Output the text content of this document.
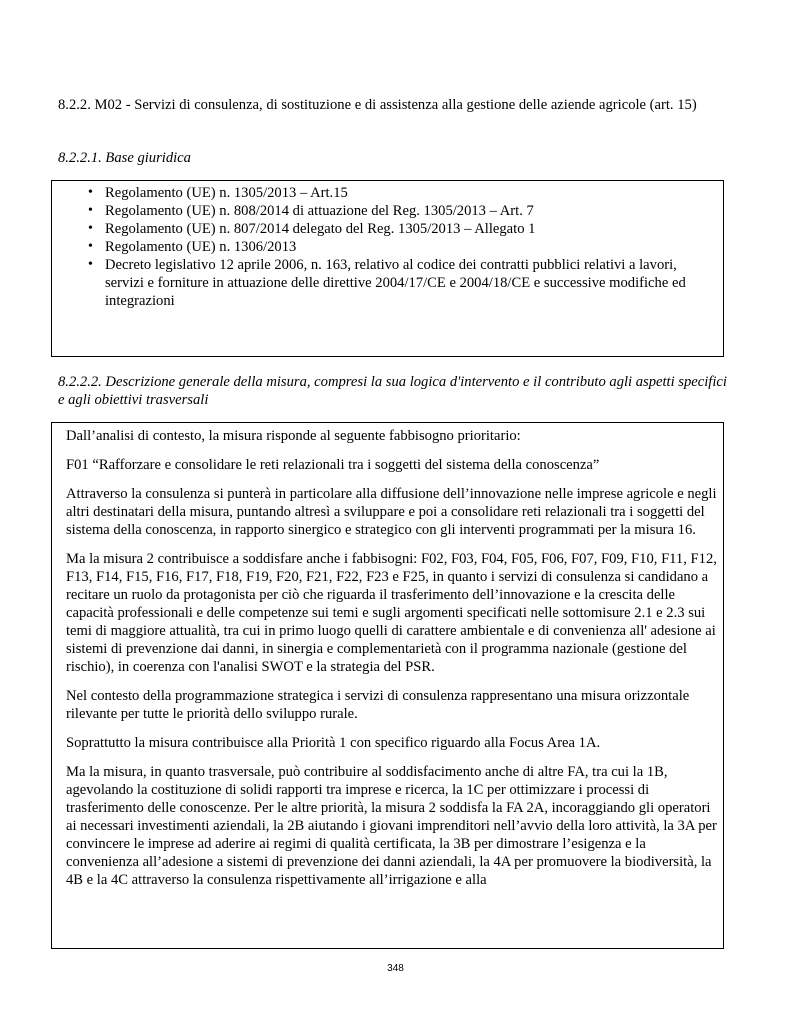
8.2.2. M02 - Servizi di consulenza, di sostituzione e di assistenza alla gestione delle aziende agricole (art. 15)
8.2.2.1. Base giuridica
• Regolamento (UE) n. 1305/2013 – Art.15
• Regolamento (UE) n. 808/2014 di attuazione del Reg. 1305/2013 – Art. 7
• Regolamento (UE) n. 807/2014 delegato del Reg. 1305/2013 – Allegato 1
• Regolamento (UE) n. 1306/2013
• Decreto legislativo 12 aprile 2006, n. 163, relativo al codice dei contratti pubblici relativi a lavori, servizi e forniture in attuazione delle direttive 2004/17/CE e 2004/18/CE e successive modifiche ed integrazioni
8.2.2.2. Descrizione generale della misura, compresi la sua logica d'intervento e il contributo agli aspetti specifici e agli obiettivi trasversali

Dall’analisi di contesto, la misura risponde al seguente fabbisogno prioritario:

F01 “Rafforzare e consolidare le reti relazionali tra i soggetti del sistema della conoscenza”

Attraverso la consulenza si punterà in particolare alla diffusione dell’innovazione nelle imprese agricole e negli altri destinatari della misura, puntando altresì a sviluppare e poi a consolidare reti relazionali tra i soggetti del sistema della conoscenza, in rapporto sinergico e strategico con gli interventi programmati per la misura 16.

Ma la misura 2 contribuisce a soddisfare anche i fabbisogni: F02, F03, F04, F05, F06, F07, F09, F10, F11, F12, F13, F14, F15, F16, F17, F18, F19, F20, F21, F22, F23 e F25, in quanto i servizi di consulenza si candidano a recitare un ruolo da protagonista per ciò che riguarda il trasferimento dell’innovazione e la crescita delle capacità professionali e delle competenze sui temi e sugli argomenti specificati nelle sottomisure 2.1 e 2.3 sui temi di maggiore attualità, tra cui in primo luogo quelli di carattere ambientale e di convenienza all' adesione ai sistemi di prevenzione dai danni, in sinergia e complementarietà con il programma nazionale (gestione del rischio), in coerenza con l'analisi SWOT e la strategia del PSR.

Nel contesto della programmazione strategica i servizi di consulenza rappresentano una misura orizzontale rilevante per tutte le priorità dello sviluppo rurale.

Soprattutto la misura contribuisce alla Priorità 1 con specifico riguardo alla Focus Area 1A.

Ma la misura, in quanto trasversale, può contribuire al soddisfacimento anche di altre FA, tra cui la 1B, agevolando la costituzione di solidi rapporti tra imprese e ricerca, la 1C per ottimizzare i processi di trasferimento delle conoscenze. Per le altre priorità, la misura 2 soddisfa la FA 2A, incoraggiando gli operatori ai necessari investimenti aziendali, la 2B aiutando i giovani imprenditori nell’avvio della loro attività, la 3A per convincere le imprese ad aderire ai regimi di qualità certificata, la 3B per dimostrare l’esigenza e la convenienza all’adesione a sistemi di prevenzione dei danni aziendali, la 4A per promuovere la biodiversità, la 4B e la 4C attraverso la consulenza rispettivamente all’irrigazione e alla

348
